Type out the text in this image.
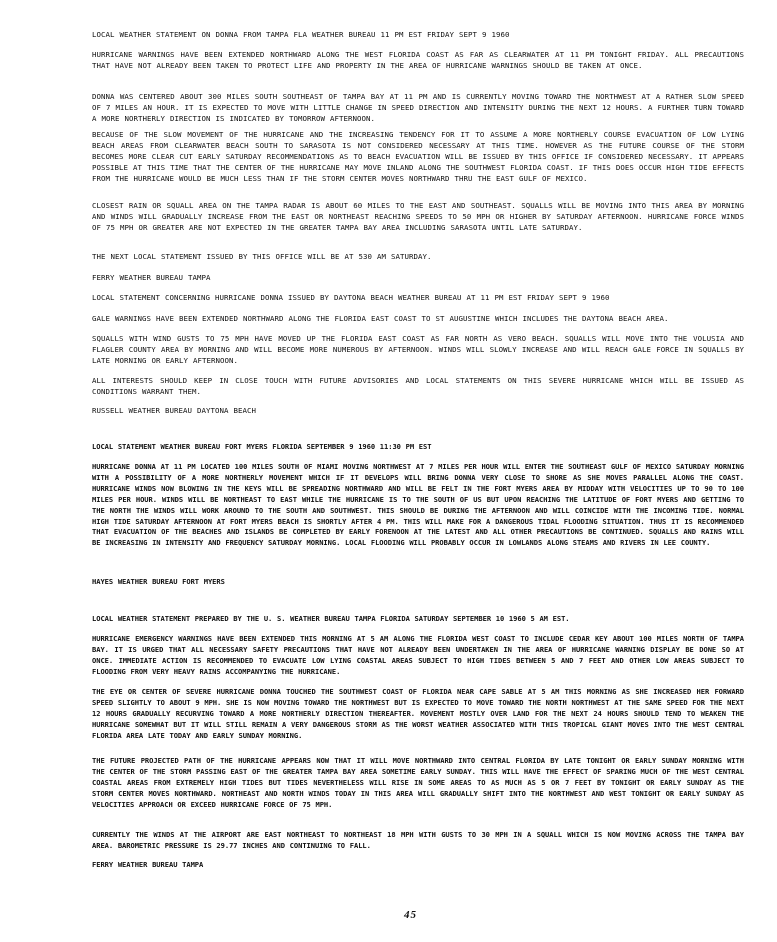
LOCAL WEATHER STATEMENT ON DONNA FROM TAMPA FLA WEATHER BUREAU 11 PM EST FRIDAY SEPT 9 1960

HURRICANE WARNINGS HAVE BEEN EXTENDED NORTHWARD ALONG THE WEST FLORIDA COAST AS FAR AS CLEARWATER AT 11 PM TONIGHT FRIDAY. ALL PRECAUTIONS THAT HAVE NOT ALREADY BEEN TAKEN TO PROTECT LIFE AND PROPERTY IN THE AREA OF HURRICANE WARNINGS SHOULD BE TAKEN AT ONCE.

DONNA WAS CENTERED ABOUT 300 MILES SOUTH SOUTHEAST OF TAMPA BAY AT 11 PM AND IS CURRENTLY MOVING TOWARD THE NORTHWEST AT A RATHER SLOW SPEED OF 7 MILES AN HOUR. IT IS EXPECTED TO MOVE WITH LITTLE CHANGE IN SPEED DIRECTION AND INTENSITY DURING THE NEXT 12 HOURS. A FURTHER TURN TOWARD A MORE NORTHERLY DIRECTION IS INDICATED BY TOMORROW AFTERNOON.

BECAUSE OF THE SLOW MOVEMENT OF THE HURRICANE AND THE INCREASING TENDENCY FOR IT TO ASSUME A MORE NORTHERLY COURSE EVACUATION OF LOW LYING BEACH AREAS FROM CLEARWATER BEACH SOUTH TO SARASOTA IS NOT CONSIDERED NECESSARY AT THIS TIME. HOWEVER AS THE FUTURE COURSE OF THE STORM BECOMES MORE CLEAR CUT EARLY SATURDAY RECOMMENDATIONS AS TO BEACH EVACUATION WILL BE ISSUED BY THIS OFFICE IF CONSIDERED NECESSARY. IT APPEARS POSSIBLE AT THIS TIME THAT THE CENTER OF THE HURRICANE MAY MOVE INLAND ALONG THE SOUTHWEST FLORIDA COAST. IF THIS DOES OCCUR HIGH TIDE EFFECTS FROM THE HURRICANE WOULD BE MUCH LESS THAN IF THE STORM CENTER MOVES NORTHWARD THRU THE EAST GULF OF MEXICO.

CLOSEST RAIN OR SQUALL AREA ON THE TAMPA RADAR IS ABOUT 60 MILES TO THE EAST AND SOUTHEAST. SQUALLS WILL BE MOVING INTO THIS AREA BY MORNING AND WINDS WILL GRADUALLY INCREASE FROM THE EAST OR NORTHEAST REACHING SPEEDS TO 50 MPH OR HIGHER BY SATURDAY AFTERNOON. HURRICANE FORCE WINDS OF 75 MPH OR GREATER ARE NOT EXPECTED IN THE GREATER TAMPA BAY AREA INCLUDING SARASOTA UNTIL LATE SATURDAY.

THE NEXT LOCAL STATEMENT ISSUED BY THIS OFFICE WILL BE AT 530 AM SATURDAY.

FERRY WEATHER BUREAU TAMPA

LOCAL STATEMENT CONCERNING HURRICANE DONNA ISSUED BY DAYTONA BEACH WEATHER BUREAU AT 11 PM EST FRIDAY SEPT 9 1960

GALE WARNINGS HAVE BEEN EXTENDED NORTHWARD ALONG THE FLORIDA EAST COAST TO ST AUGUSTINE WHICH INCLUDES THE DAYTONA BEACH AREA.

SQUALLS WITH WIND GUSTS TO 75 MPH HAVE MOVED UP THE FLORIDA EAST COAST AS FAR NORTH AS VERO BEACH. SQUALLS WILL MOVE INTO THE VOLUSIA AND FLAGLER COUNTY AREA BY MORNING AND WILL BECOME MORE NUMEROUS BY AFTERNOON. WINDS WILL SLOWLY INCREASE AND WILL REACH GALE FORCE IN SQUALLS BY LATE MORNING OR EARLY AFTERNOON.

ALL INTERESTS SHOULD KEEP IN CLOSE TOUCH WITH FUTURE ADVISORIES AND LOCAL STATEMENTS ON THIS SEVERE HURRICANE WHICH WILL BE ISSUED AS CONDITIONS WARRANT THEM.

RUSSELL WEATHER BUREAU DAYTONA BEACH

LOCAL STATEMENT WEATHER BUREAU FORT MYERS FLORIDA SEPTEMBER 9 1960 11:30 PM EST

HURRICANE DONNA AT 11 PM LOCATED 100 MILES SOUTH OF MIAMI MOVING NORTHWEST AT 7 MILES PER HOUR WILL ENTER THE SOUTHEAST GULF OF MEXICO SATURDAY MORNING WITH A POSSIBILITY OF A MORE NORTHERLY MOVEMENT WHICH IF IT DEVELOPS WILL BRING DONNA VERY CLOSE TO SHORE AS SHE MOVES PARALLEL ALONG THE COAST. HURRICANE WINDS NOW BLOWING IN THE KEYS WILL BE SPREADING NORTHWARD AND WILL BE FELT IN THE FORT MYERS AREA BY MIDDAY WITH VELOCITIES UP TO 90 TO 100 MILES PER HOUR. WINDS WILL BE NORTHEAST TO EAST WHILE THE HURRICANE IS TO THE SOUTH OF US BUT UPON REACHING THE LATITUDE OF FORT MYERS AND GETTING TO THE NORTH THE WINDS WILL WORK AROUND TO THE SOUTH AND SOUTHWEST. THIS SHOULD BE DURING THE AFTERNOON AND WILL COINCIDE WITH THE INCOMING TIDE. NORMAL HIGH TIDE SATURDAY AFTERNOON AT FORT MYERS BEACH IS SHORTLY AFTER 4 PM. THIS WILL MAKE FOR A DANGEROUS TIDAL FLOODING SITUATION. THUS IT IS RECOMMENDED THAT EVACUATION OF THE BEACHES AND ISLANDS BE COMPLETED BY EARLY FORENOON AT THE LATEST AND ALL OTHER PRECAUTIONS BE CONTINUED. SQUALLS AND RAINS WILL BE INCREASING IN INTENSITY AND FREQUENCY SATURDAY MORNING. LOCAL FLOODING WILL PROBABLY OCCUR IN LOWLANDS ALONG STEAMS AND RIVERS IN LEE COUNTY.

HAYES WEATHER BUREAU FORT MYERS

LOCAL WEATHER STATEMENT PREPARED BY THE U. S. WEATHER BUREAU TAMPA FLORIDA SATURDAY SEPTEMBER 10 1960 5 AM EST.

HURRICANE EMERGENCY WARNINGS HAVE BEEN EXTENDED THIS MORNING AT 5 AM ALONG THE FLORIDA WEST COAST TO INCLUDE CEDAR KEY ABOUT 100 MILES NORTH OF TAMPA BAY. IT IS URGED THAT ALL NECESSARY SAFETY PRECAUTIONS THAT HAVE NOT ALREADY BEEN UNDERTAKEN IN THE AREA OF HURRICANE WARNING DISPLAY BE DONE SO AT ONCE. IMMEDIATE ACTION IS RECOMMENDED TO EVACUATE LOW LYING COASTAL AREAS SUBJECT TO HIGH TIDES BETWEEN 5 AND 7 FEET AND OTHER LOW AREAS SUBJECT TO FLOODING FROM VERY HEAVY RAINS ACCOMPANYING THE HURRICANE.

THE EYE OR CENTER OF SEVERE HURRICANE DONNA TOUCHED THE SOUTHWEST COAST OF FLORIDA NEAR CAPE SABLE AT 5 AM THIS MORNING AS SHE INCREASED HER FORWARD SPEED SLIGHTLY TO ABOUT 9 MPH. SHE IS NOW MOVING TOWARD THE NORTHWEST BUT IS EXPECTED TO MOVE TOWARD THE NORTH NORTHWEST AT THE SAME SPEED FOR THE NEXT 12 HOURS GRADUALLY RECURVING TOWARD A MORE NORTHERLY DIRECTION THEREAFTER. MOVEMENT MOSTLY OVER LAND FOR THE NEXT 24 HOURS SHOULD TEND TO WEAKEN THE HURRICANE SOMEWHAT BUT IT WILL STILL REMAIN A VERY DANGEROUS STORM AS THE WORST WEATHER ASSOCIATED WITH THIS TROPICAL GIANT MOVES INTO THE WEST CENTRAL FLORIDA AREA LATE TODAY AND EARLY SUNDAY MORNING.

THE FUTURE PROJECTED PATH OF THE HURRICANE APPEARS NOW THAT IT WILL MOVE NORTHWARD INTO CENTRAL FLORIDA BY LATE TONIGHT OR EARLY SUNDAY MORNING WITH THE CENTER OF THE STORM PASSING EAST OF THE GREATER TAMPA BAY AREA SOMETIME EARLY SUNDAY. THIS WILL HAVE THE EFFECT OF SPARING MUCH OF THE WEST CENTRAL COASTAL AREAS FROM EXTREMELY HIGH TIDES BUT TIDES NEVERTHELESS WILL RISE IN SOME AREAS TO AS MUCH AS 5 OR 7 FEET BY TONIGHT OR EARLY SUNDAY AS THE STORM CENTER MOVES NORTHWARD. NORTHEAST AND NORTH WINDS TODAY IN THIS AREA WILL GRADUALLY SHIFT INTO THE NORTHWEST AND WEST TONIGHT OR EARLY SUNDAY AS VELOCITIES APPROACH OR EXCEED HURRICANE FORCE OF 75 MPH.

CURRENTLY THE WINDS AT THE AIRPORT ARE EAST NORTHEAST TO NORTHEAST 18 MPH WITH GUSTS TO 30 MPH IN A SQUALL WHICH IS NOW MOVING ACROSS THE TAMPA BAY AREA. BAROMETRIC PRESSURE IS 29.77 INCHES AND CONTINUING TO FALL.

FERRY WEATHER BUREAU TAMPA

45
